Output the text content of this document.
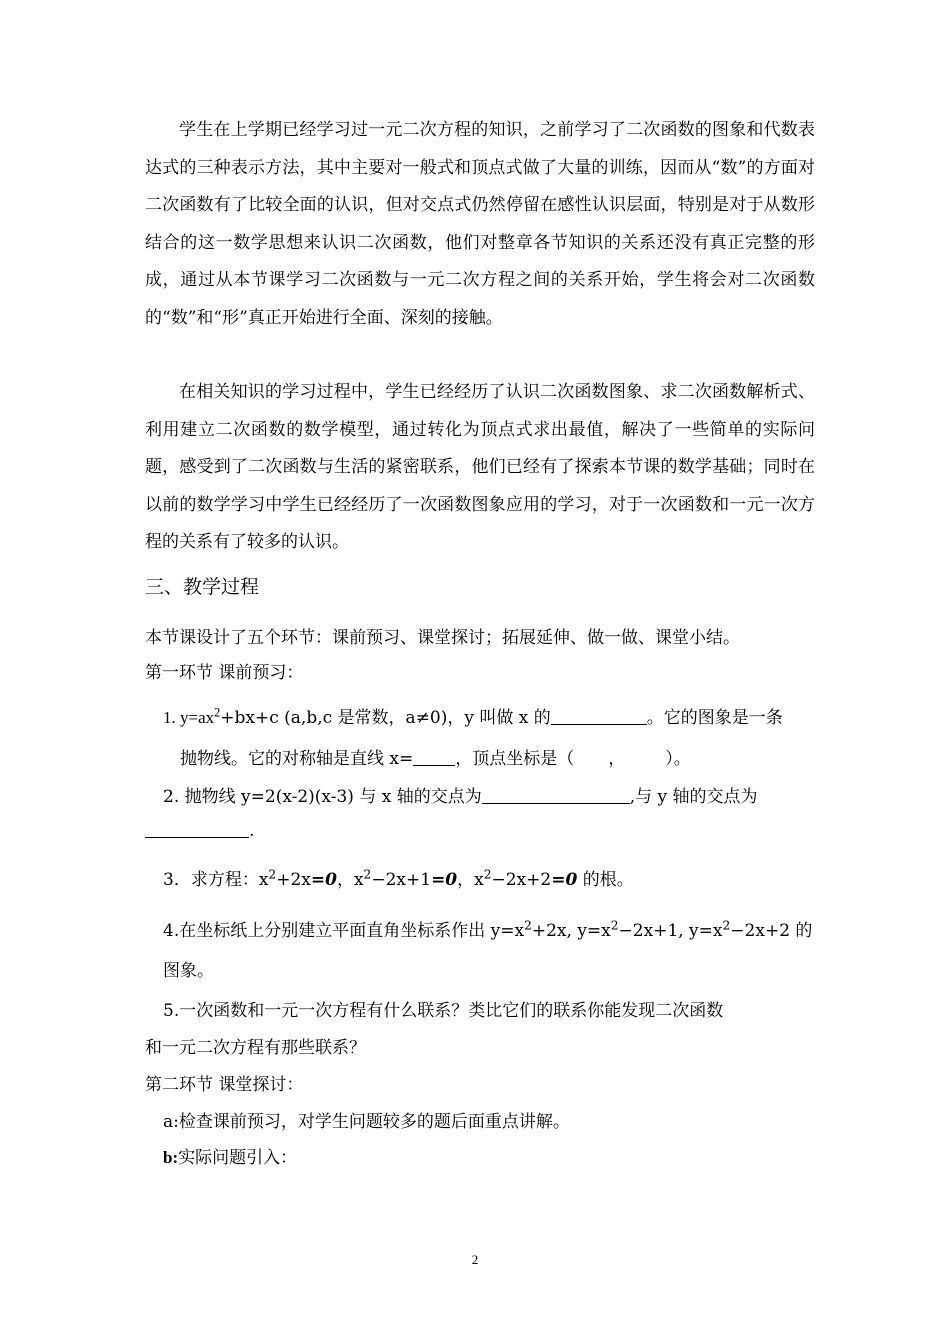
学生在上学期已经学习过一元二次方程的知识，之前学习了二次函数的图象和代数表达式的三种表示方法，其中主要对一般式和顶点式做了大量的训练，因而从“数”的方面对二次函数有了比较全面的认识，但对交点式仍然停留在感性认识层面，特别是对于从数形结合的这一数学思想来认识二次函数，他们对整章各节知识的关系还没有真正完整的形成，通过从本节课学习二次函数与一元二次方程之间的关系开始，学生将会对二次函数的“数”和“形”真正开始进行全面、深刻的接触。

在相关知识的学习过程中，学生已经经历了认识二次函数图象、求二次函数解析式、利用建立二次函数的数学模型，通过转化为顶点式求出最值，解决了一些简单的实际问题，感受到了二次函数与生活的紧密联系，他们已经有了探索本节课的数学基础；同时在以前的数学学习中学生已经经历了一次函数图象应用的学习，对于一次函数和一元一次方程的关系有了较多的认识。

三、教学过程
本节课设计了五个环节：课前预习、课堂探讨；拓展延伸、做一做、课堂小结。
第一环节 课前预习：
1. $y=ax^2+bx+c$ (a,b,c 是常数，a≠0)，y 叫做 x 的	。它的图象是一条
抛物线。它的对称轴是直线 x= ，顶点坐标是（ ， ）。
2. 抛物线 y=2(x-2)(x-3) 与 x 轴的交点为	,与 y 轴的交点为
.
3．求方程：$x^2+2x=0$，$x^2-2x+1=0$，$x^2-2x+2=0$ 的根。
4.在坐标纸上分别建立平面直角坐标系作出 $y=x^2+2x$, $y=x^2-2x+1$, $y=x^2-2x+2$ 的
图象。
5.一次函数和一元一次方程有什么联系？类比它们的联系你能发现二次函数
和一元二次方程有那些联系？
第二环节 课堂探讨：
a:检查课前预习，对学生问题较多的题后面重点讲解。
b:实际问题引入：
2
